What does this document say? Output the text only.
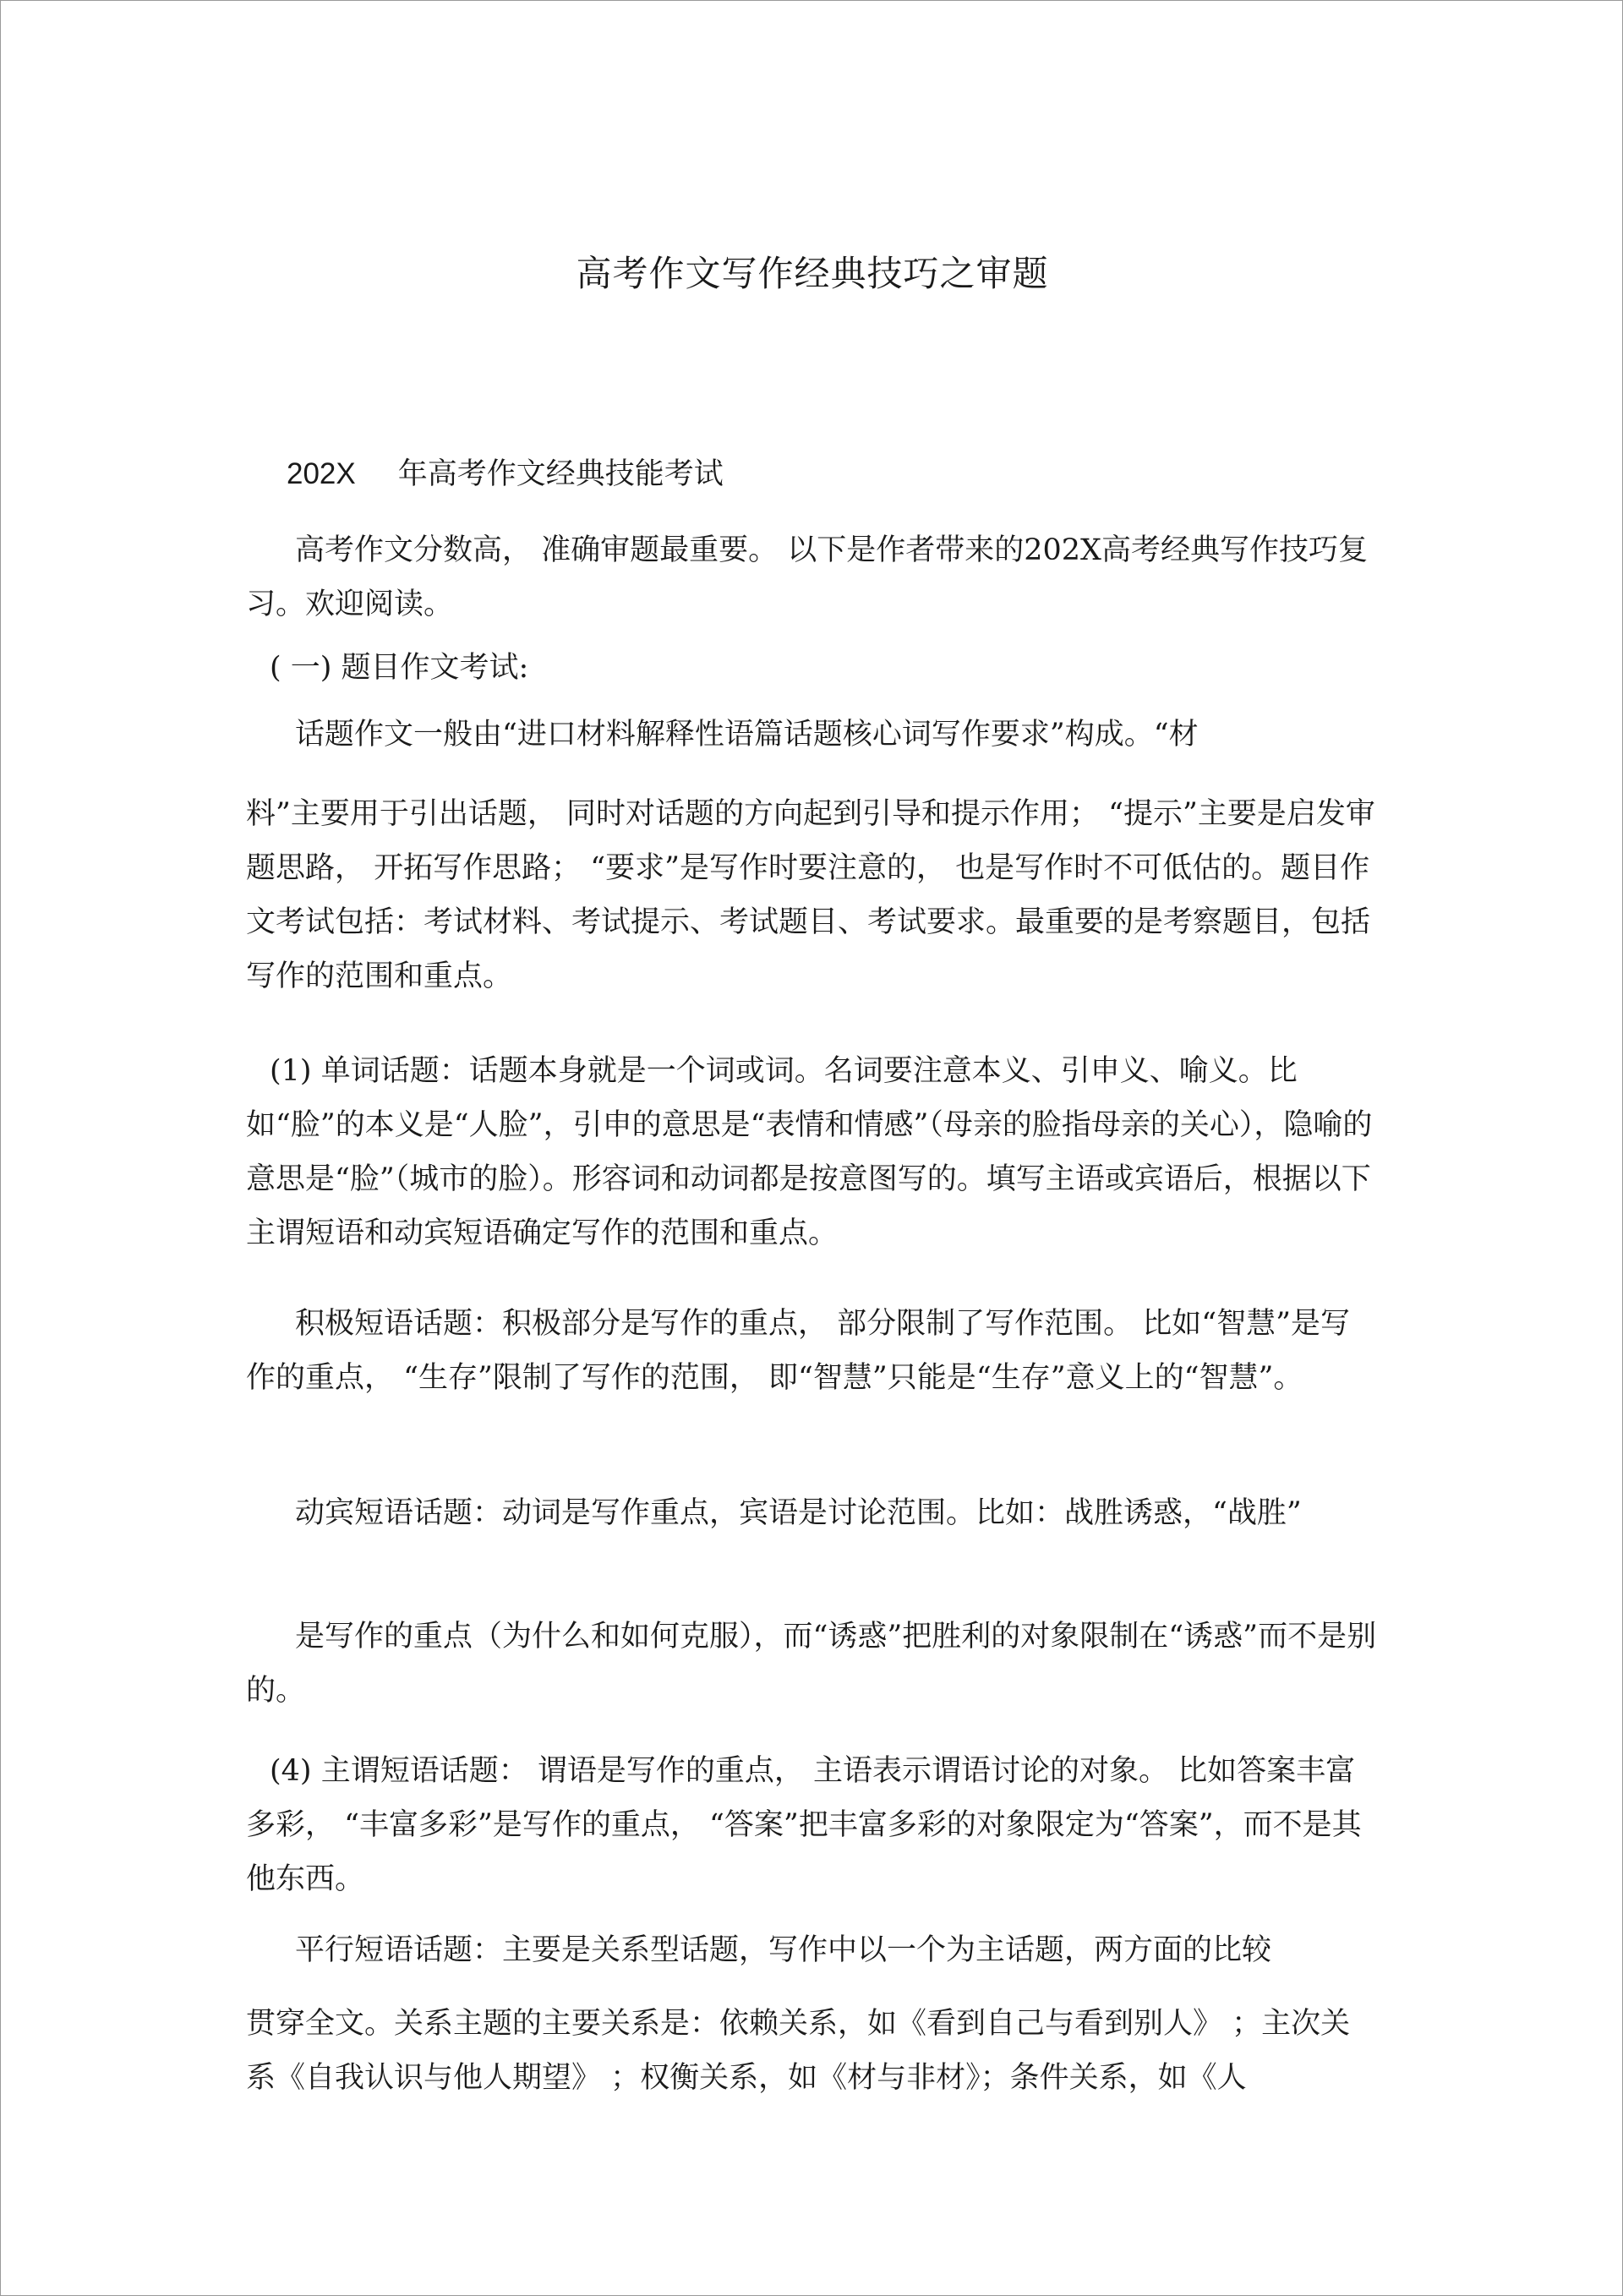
高考作文写作经典技巧之审题

202X 年高考作文经典技能考试

高考作文分数高， 准确审题最重要。 以下是作者带来的202X高考经典写作技巧复习。欢迎阅读。

( 一) 题目作文考试:

话题作文一般由“进口材料解释性语篇话题核心词写作要求”构成。“材

料”主要用于引出话题， 同时对话题的方向起到引导和提示作用； “提示”主要是启发审题思路， 开拓写作思路； “要求”是写作时要注意的， 也是写作时不可低估的。题目作文考试包括：考试材料、考试提示、考试题目、考试要求。最重要的是考察题目，包括写作的范围和重点。

(1) 单词话题：话题本身就是一个词或词。名词要注意本义、引申义、喻义。比如“脸”的本义是“人脸”，引申的意思是“表情和情感”（母亲的脸指母亲的关心），隐喻的意思是“脸”（城市的脸）。形容词和动词都是按意图写的。填写主语或宾语后，根据以下主谓短语和动宾短语确定写作的范围和重点。

积极短语话题：积极部分是写作的重点， 部分限制了写作范围。 比如“智慧”是写作的重点， “生存”限制了写作的范围， 即“智慧”只能是“生存”意义上的“智慧”。

动宾短语话题：动词是写作重点，宾语是讨论范围。比如：战胜诱惑，“战胜”

是写作的重点（为什么和如何克服），而“诱惑”把胜利的对象限制在“诱惑”而不是别的。

(4) 主谓短语话题： 谓语是写作的重点， 主语表示谓语讨论的对象。 比如答案丰富多彩， “丰富多彩”是写作的重点， “答案”把丰富多彩的对象限定为“答案”，而不是其他东西。

平行短语话题：主要是关系型话题，写作中以一个为主话题，两方面的比较

贯穿全文。关系主题的主要关系是：依赖关系，如《看到自己与看到别人》 ；主次关系《自我认识与他人期望》 ；权衡关系，如《材与非材》；条件关系，如《人
